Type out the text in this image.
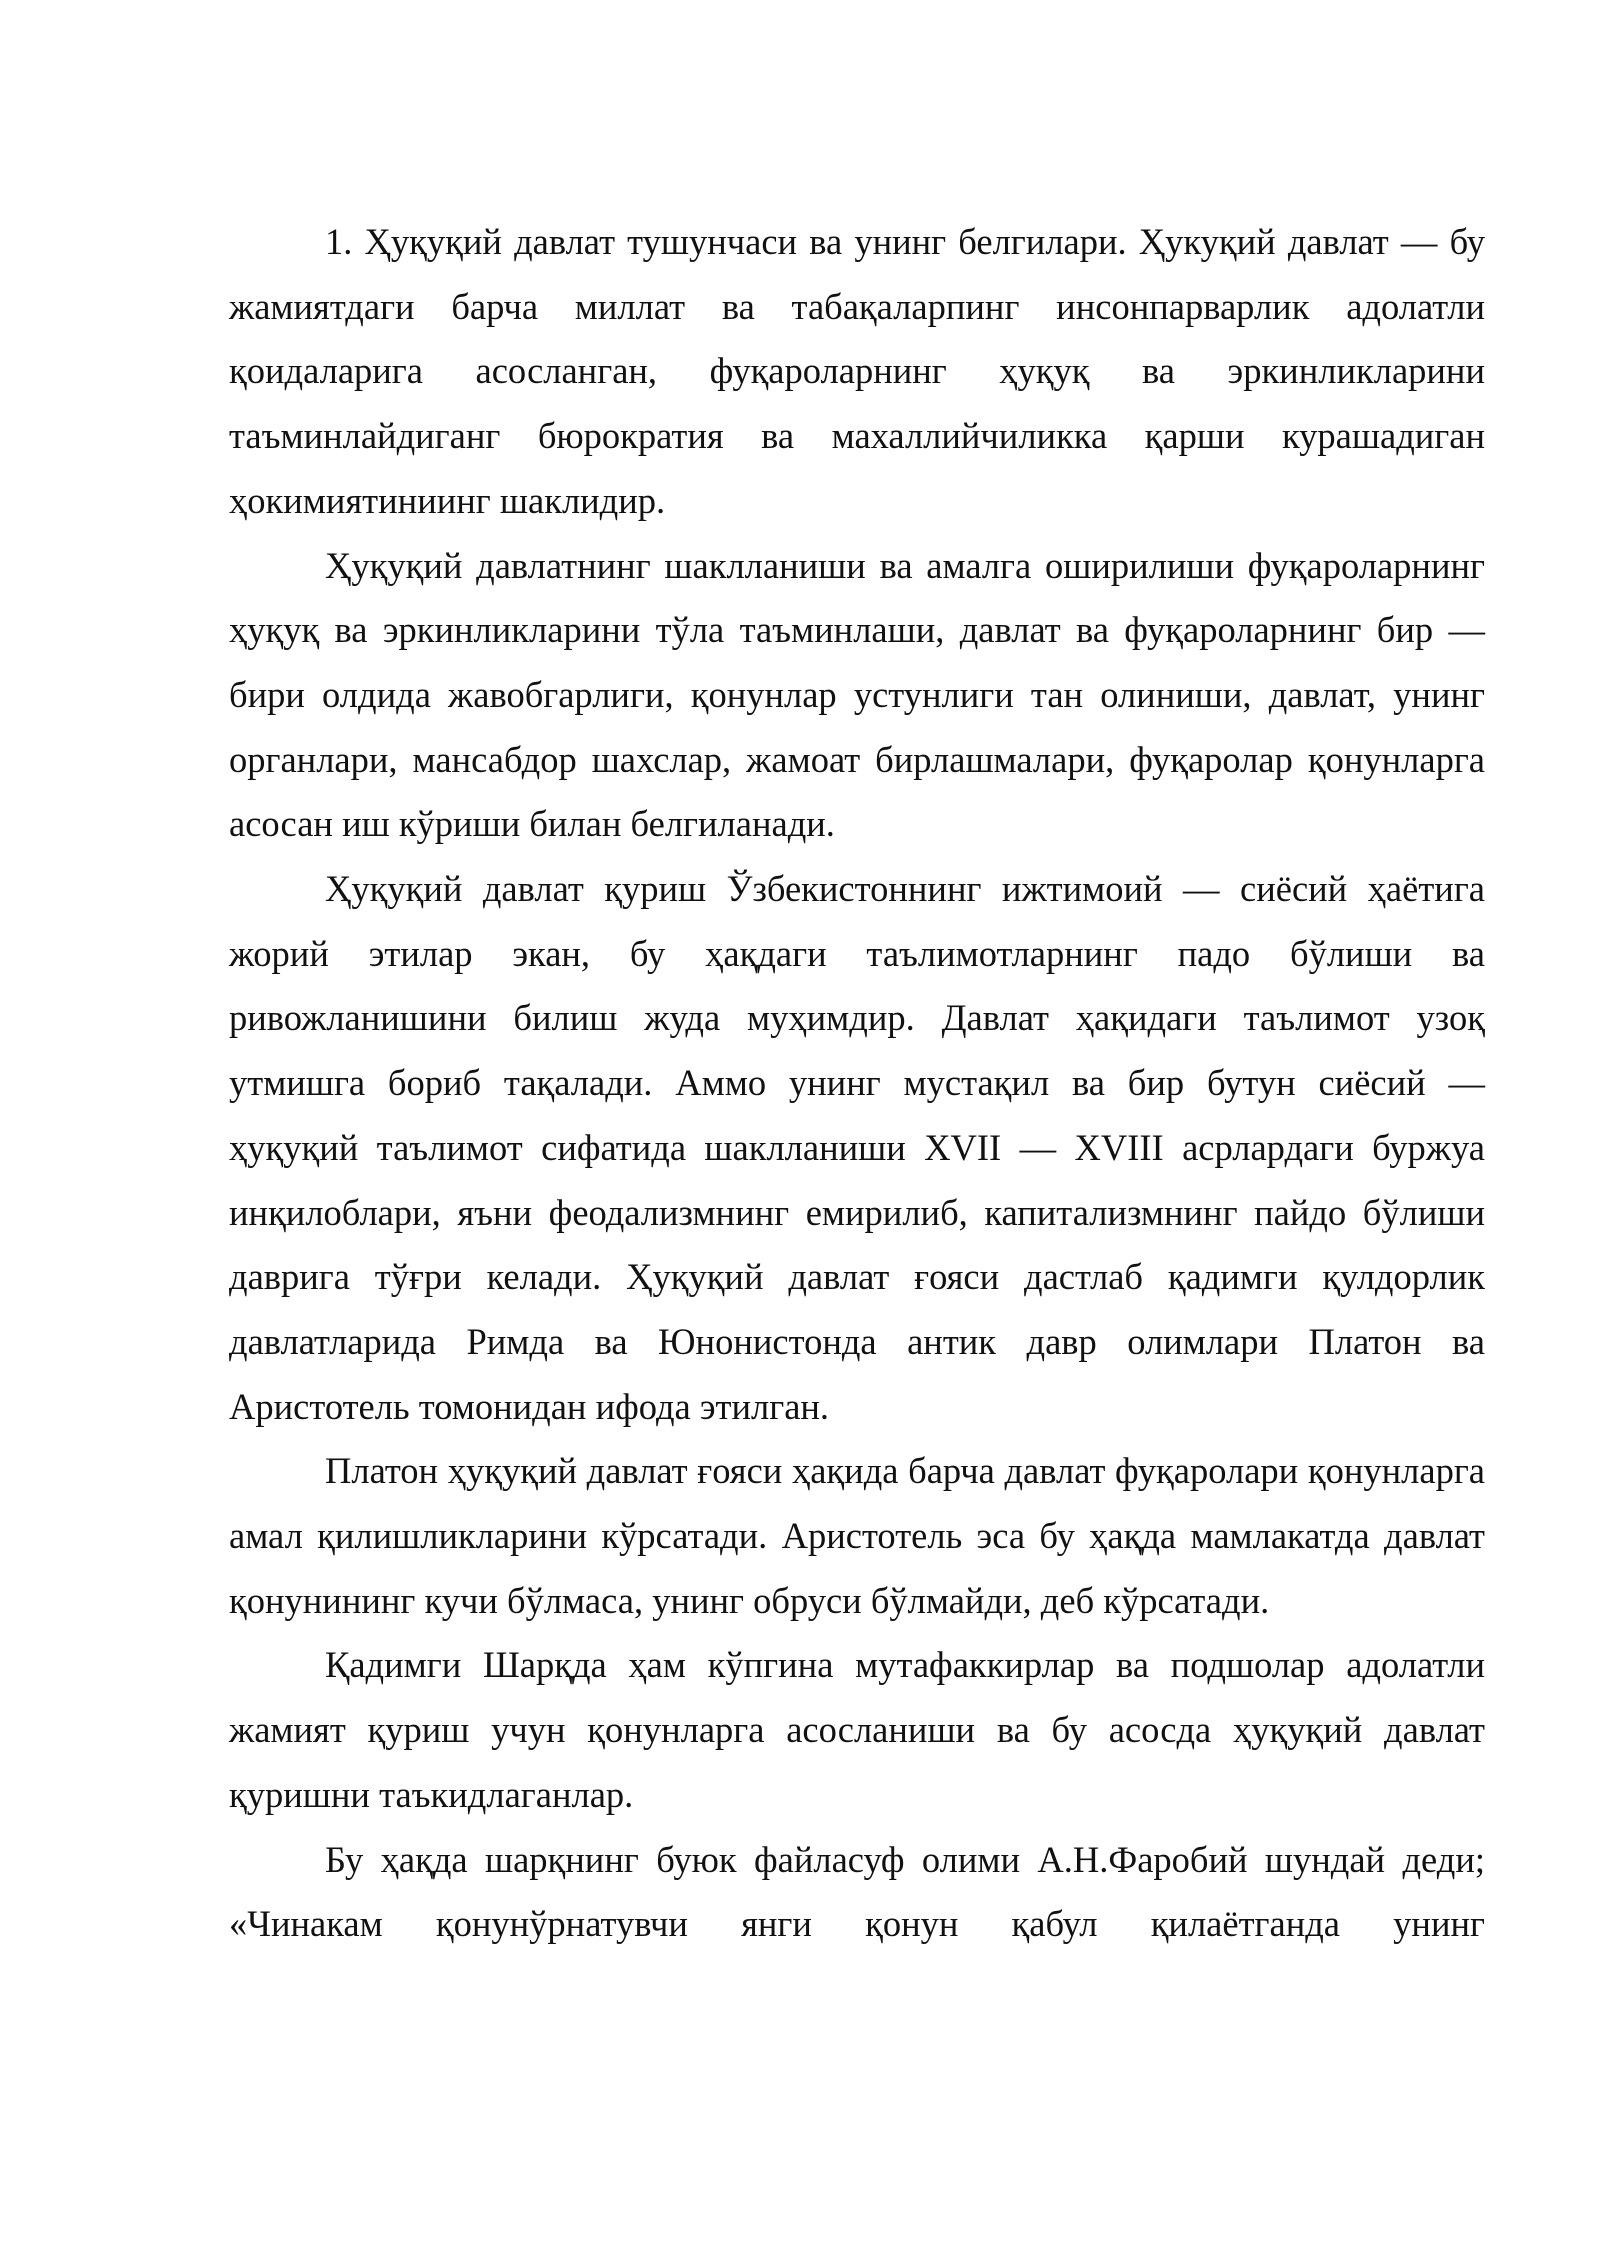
1. Ҳуқуқий давлат тушунчаси ва унинг белгилари. Ҳукуқий давлат — бу жамиятдаги барча миллат ва табақаларпинг инсонпарварлик адолатли қоидаларига асосланган, фуқароларнинг ҳуқуқ ва эркинликларини таъминлайдиганг бюрократия ва махаллийчиликка қарши курашадиган ҳокимиятиниинг шаклидир.

Ҳуқуқий давлатнинг шаклланиши ва амалга оширилиши фуқароларнинг ҳуқуқ ва эркинликларини тўла таъминлаши, давлат ва фуқароларнинг бир — бири олдида жавобгарлиги, қонунлар устунлиги тан олиниши, давлат, унинг органлари, мансабдор шахслар, жамоат бирлашмалари, фуқаролар қонунларга асосан иш кўриши билан белгиланади.

Ҳуқуқий давлат қуриш Ўзбекистоннинг ижтимоий — сиёсий ҳаётига жорий этилар экан, бу ҳақдаги таълимотларнинг падо бўлиши ва ривожланишини билиш жуда муҳимдир. Давлат ҳақидаги таълимот узоқ утмишга бориб тақалади. Аммо унинг мустақил ва бир бутун сиёсий — ҳуқуқий таълимот сифатида шаклланиши XVII — XVIII асрлардаги буржуа инқилоблари, яъни феодализмнинг емирилиб, капитализмнинг пайдо бўлиши даврига тўғри келади. Ҳуқуқий давлат ғояси дастлаб қадимги қулдорлик давлатларида Римда ва Юнонистонда антик давр олимлари Платон ва Аристотель томонидан ифода этилган.

Платон ҳуқуқий давлат ғояси ҳақида барча давлат фуқаролари қонунларга амал қилишликларини кўрсатади. Аристотель эса бу ҳақда мамлакатда давлат қонунининг кучи бўлмаса, унинг обруси бўлмайди, деб кўрсатади.

Қадимги Шарқда ҳам кўпгина мутафаккирлар ва подшолар адолатли жамият қуриш учун қонунларга асосланиши ва бу асосда ҳуқуқий давлат қуришни таъкидлаганлар.

Бу ҳақда шарқнинг буюк файласуф олими А.Н.Фаробий шундай деди; «Чинакам қонунўрнатувчи янги қонун қабул қилаётганда унинг
